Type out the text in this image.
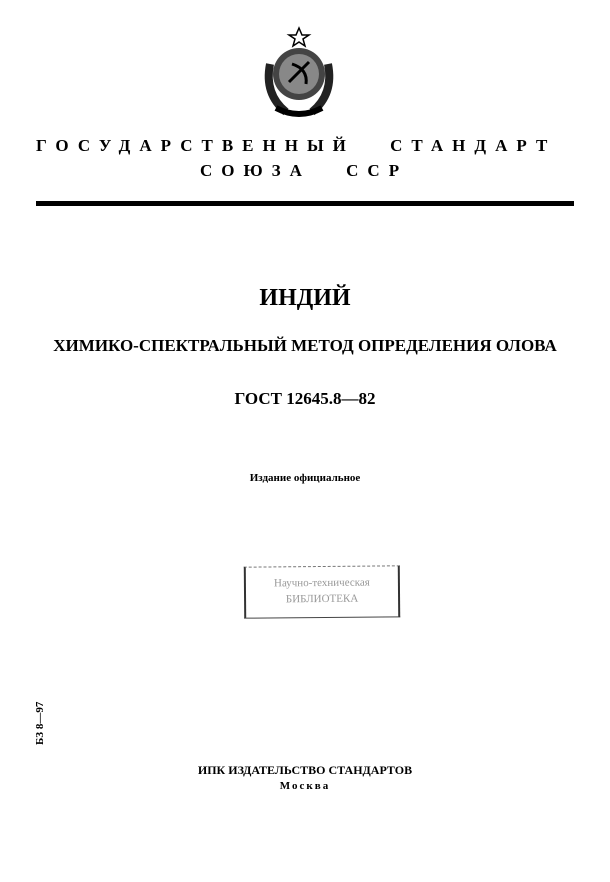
ГОСУДАРСТВЕННЫЙ СТАНДАРТ
СОЮЗА ССР
ИНДИЙ
ХИМИКО-СПЕКТРАЛЬНЫЙ МЕТОД ОПРЕДЕЛЕНИЯ ОЛОВА
ГОСТ 12645.8—82
Издание официальное
Научно-техническая
БИБЛИОТЕКА
БЗ 8—97
ИПК ИЗДАТЕЛЬСТВО СТАНДАРТОВ
Москва
